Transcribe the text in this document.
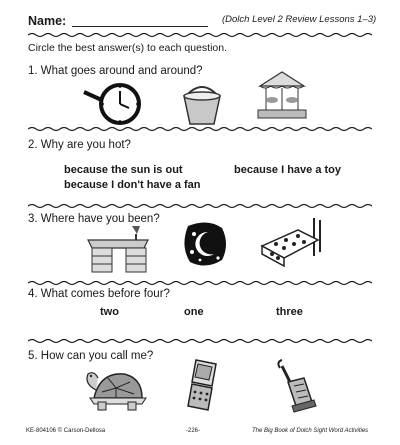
Name:	(Dolch Level 2 Review Lessons 1–3)
Circle the best answer(s) to each question.
1. What goes around and around?
2. Why are you hot?
because the sun is out	because I have a toy
because I don't have a fan
3. Where have you been?
4. What comes before four?
two	one	three
5. How can you call me?
KE-804106 © Carson-Dellosa	-226-	The Big Book of Dolch Sight Word Activities
